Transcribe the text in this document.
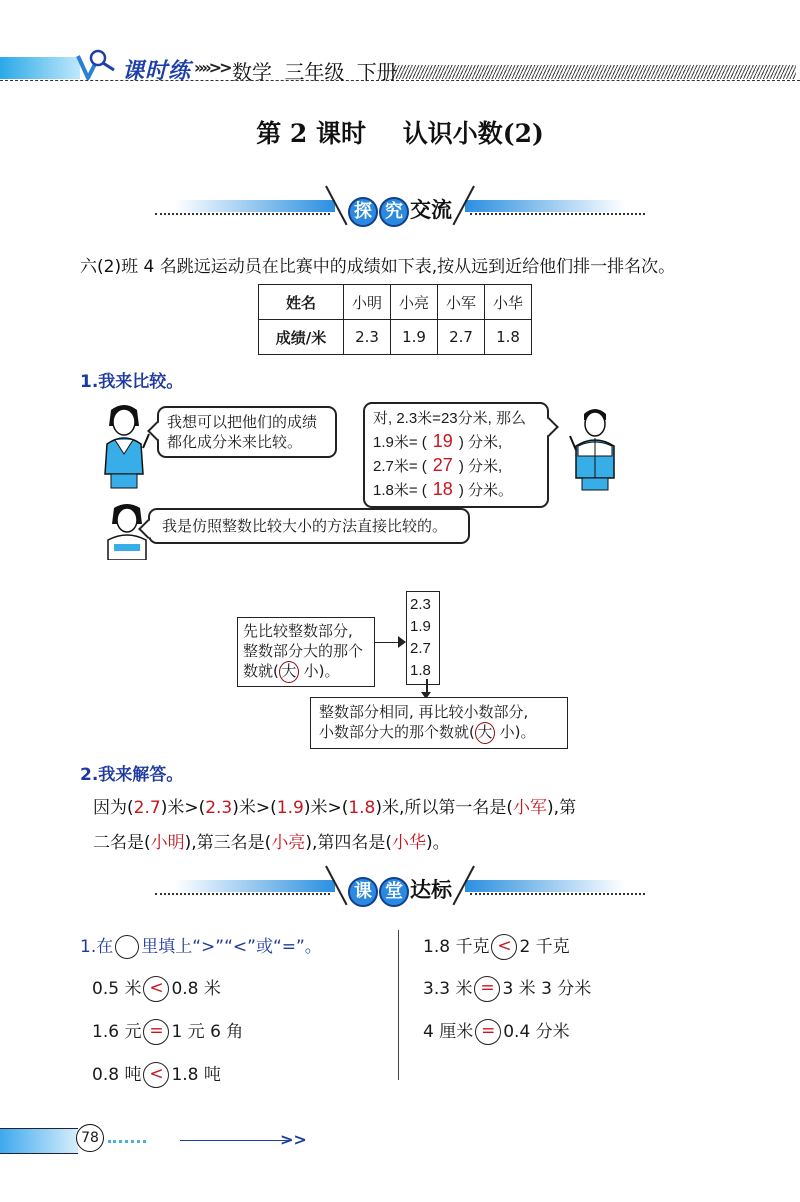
课时练 »»>> 数学 三年级 下册
第 2 课时 认识小数(2)
探 究 交流
六(2)班 4 名跳远运动员在比赛中的成绩如下表,按从远到近给他们排一排名次。
姓名	小明	小亮	小军	小华
成绩/米	2.3	1.9	2.7	1.8
1.我来比较。
我想可以把他们的成绩
都化成分米来比较。
对, 2.3米=23分米, 那么
1.9米= ( 19 ) 分米,
2.7米= ( 27 ) 分米,
1.8米= ( 18 ) 分米。
我是仿照整数比较大小的方法直接比较的。
先比较整数部分,
整数部分大的那个
数就( 大 小)。
2.3
1.9
2.7
1.8
整数部分相同, 再比较小数部分,
小数部分大的那个数就( 大 小)。
2.我来解答。
因为(2.7)米>(2.3)米>(1.9)米>(1.8)米,所以第一名是(小军),第
二名是(小明),第三名是(小亮),第四名是(小华)。
课 堂 达标
1.在 里填上“>”“<”或“=”。
0.5 米 < 0.8 米
1.6 元 = 1 元 6 角
0.8 吨 < 1.8 吨
1.8 千克 < 2 千克
3.3 米 = 3 米 3 分米
4 厘米 = 0.4 分米
78	>>
